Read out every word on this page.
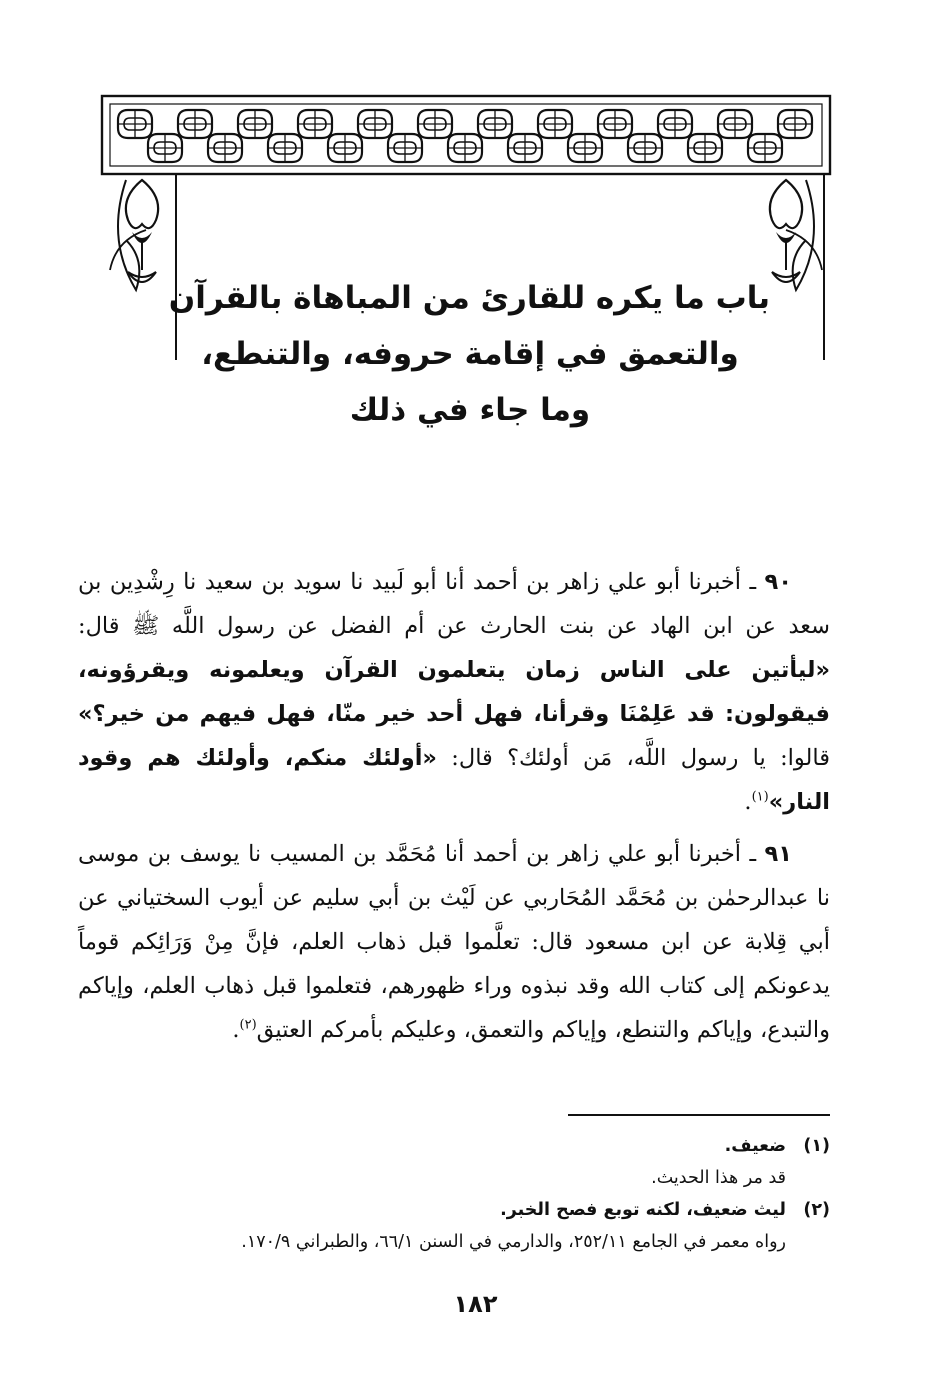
باب ما يكره للقارئ من المباهاة بالقرآن
والتعمق في إقامة حروفه، والتنطع،
وما جاء في ذلك

٩٠ ـ أخبرنا أبو علي زاهر بن أحمد أنا أبو لَبيد نا سويد بن سعيد نا رِشْدِين بن سعد عن ابن الهاد عن بنت الحارث عن أم الفضل عن رسول اللَّه ﷺ قال: «ليأتين على الناس زمان يتعلمون القرآن ويعلمونه ويقرؤونه، فيقولون: قد عَلِمْنَا وقرأنا، فهل أحد خير منّا، فهل فيهم من خير؟» قالوا: يا رسول اللَّه، مَن أولئك؟ قال: «أولئك منكم، وأولئك هم وقود النار»$^{(١)}$.

٩١ ـ أخبرنا أبو علي زاهر بن أحمد أنا مُحَمَّد بن المسيب نا يوسف بن موسى نا عبدالرحمٰن بن مُحَمَّد المُحَاربي عن لَيْث بن أبي سليم عن أيوب السختياني عن أبي قِلابة عن ابن مسعود قال: تعلَّموا قبل ذهاب العلم، فإنَّ مِنْ وَرَائِكم قوماً يدعونكم إلى كتاب الله وقد نبذوه وراء ظهورهم، فتعلموا قبل ذهاب العلم، وإياكم والتبدع، وإياكم والتنطع، وإياكم والتعمق، وعليكم بأمركم العتيق$^{(٢)}$.

(١)ضعيف.
قد مر هذا الحديث.
(٢)ليث ضعيف، لكنه توبع فصح الخبر.
رواه معمر في الجامع ٢٥٢/١١، والدارمي في السنن ٦٦/١، والطبراني ١٧٠/٩.
١٨٢
